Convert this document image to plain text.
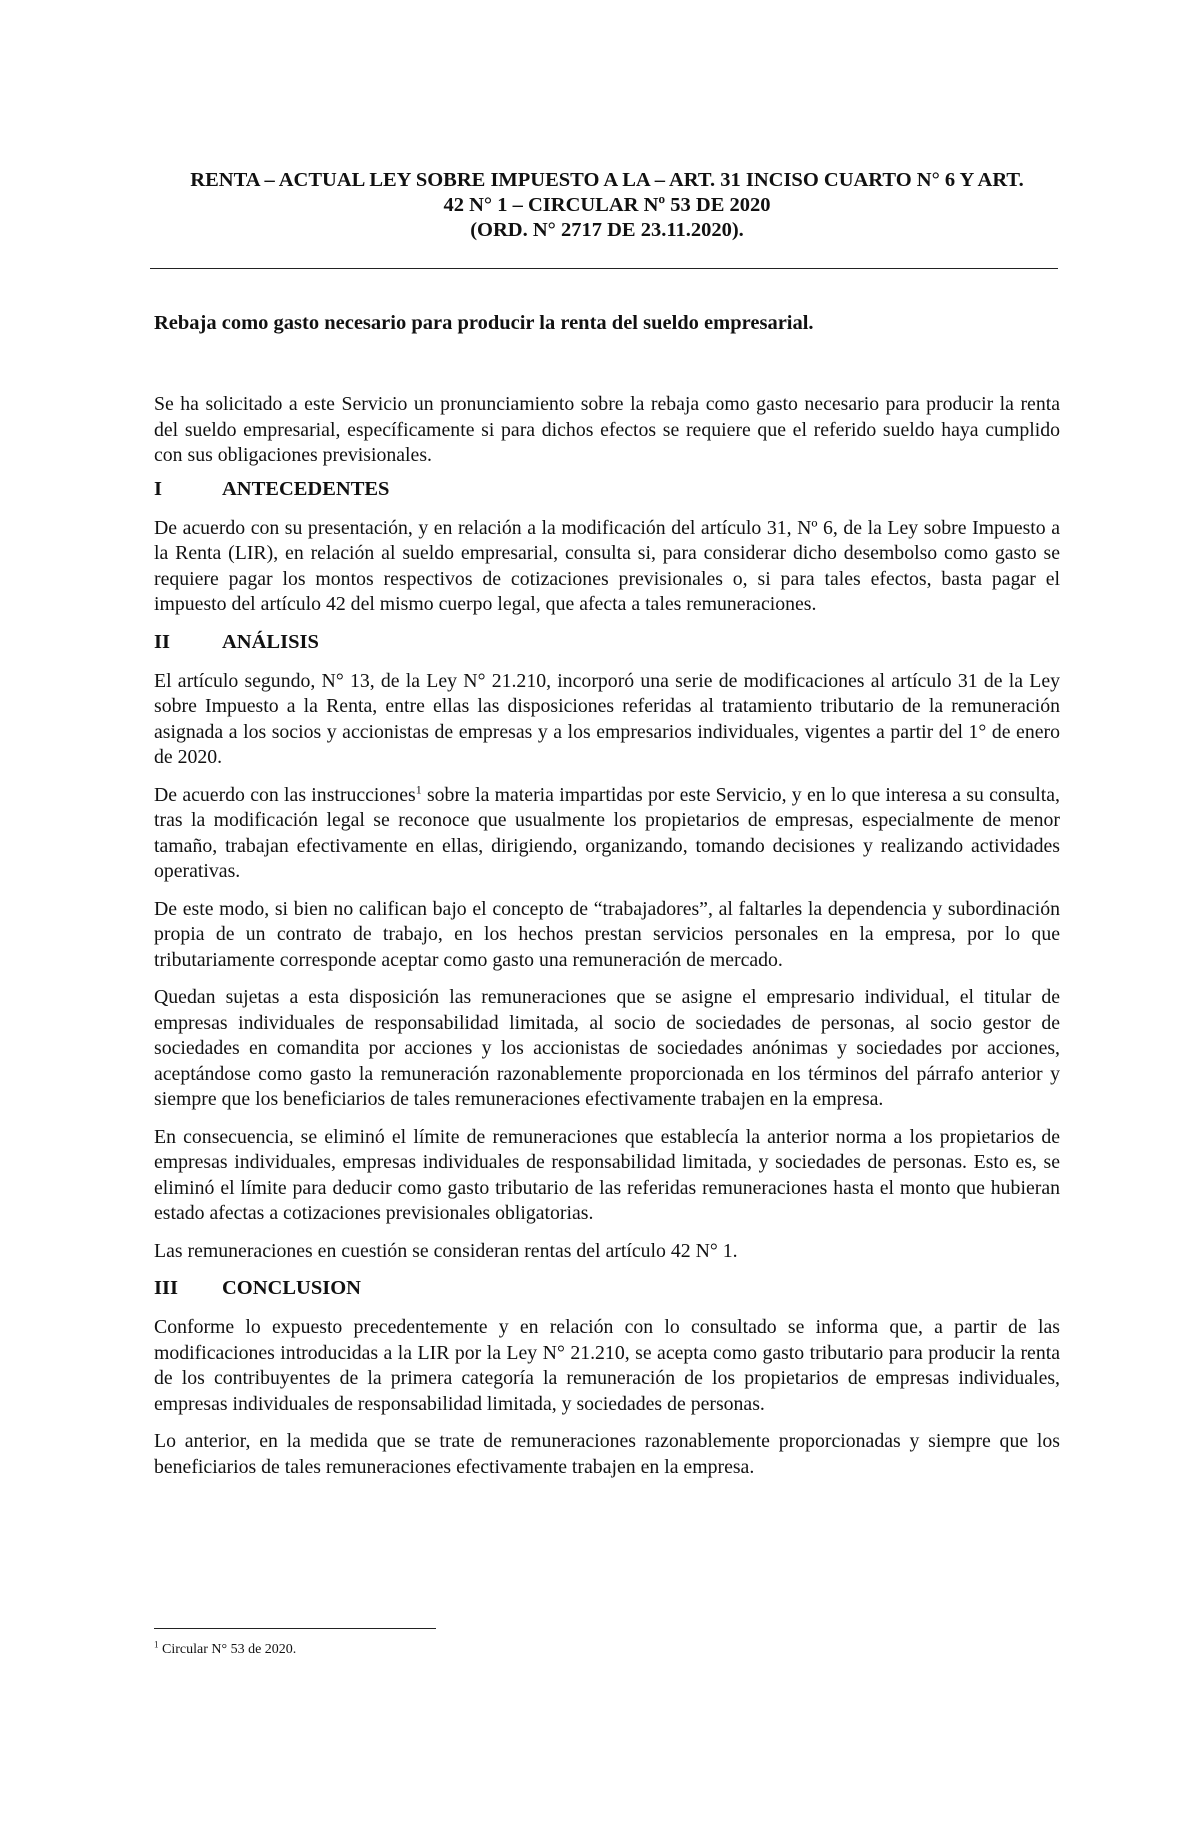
RENTA – ACTUAL LEY SOBRE IMPUESTO A LA – ART. 31 INCISO CUARTO N° 6 Y ART.
42 N° 1 – CIRCULAR Nº 53 DE 2020
(ORD. N° 2717 DE 23.11.2020).
Rebaja como gasto necesario para producir la renta del sueldo empresarial.

Se ha solicitado a este Servicio un pronunciamiento sobre la rebaja como gasto necesario para producir la renta del sueldo empresarial, específicamente si para dichos efectos se requiere que el referido sueldo haya cumplido con sus obligaciones previsionales.

I	ANTECEDENTES

De acuerdo con su presentación, y en relación a la modificación del artículo 31, Nº 6, de la Ley sobre Impuesto a la Renta (LIR), en relación al sueldo empresarial, consulta si, para considerar dicho desembolso como gasto se requiere pagar los montos respectivos de cotizaciones previsionales o, si para tales efectos, basta pagar el impuesto del artículo 42 del mismo cuerpo legal, que afecta a tales remuneraciones.

II	ANÁLISIS

El artículo segundo, N° 13, de la Ley N° 21.210, incorporó una serie de modificaciones al artículo 31 de la Ley sobre Impuesto a la Renta, entre ellas las disposiciones referidas al tratamiento tributario de la remuneración asignada a los socios y accionistas de empresas y a los empresarios individuales, vigentes a partir del 1° de enero de 2020.

De acuerdo con las instrucciones$^1$ sobre la materia impartidas por este Servicio, y en lo que interesa a su consulta, tras la modificación legal se reconoce que usualmente los propietarios de empresas, especialmente de menor tamaño, trabajan efectivamente en ellas, dirigiendo, organizando, tomando decisiones y realizando actividades operativas.

De este modo, si bien no califican bajo el concepto de “trabajadores”, al faltarles la dependencia y subordinación propia de un contrato de trabajo, en los hechos prestan servicios personales en la empresa, por lo que tributariamente corresponde aceptar como gasto una remuneración de mercado.

Quedan sujetas a esta disposición las remuneraciones que se asigne el empresario individual, el titular de empresas individuales de responsabilidad limitada, al socio de sociedades de personas, al socio gestor de sociedades en comandita por acciones y los accionistas de sociedades anónimas y sociedades por acciones, aceptándose como gasto la remuneración razonablemente proporcionada en los términos del párrafo anterior y siempre que los beneficiarios de tales remuneraciones efectivamente trabajen en la empresa.

En consecuencia, se eliminó el límite de remuneraciones que establecía la anterior norma a los propietarios de empresas individuales, empresas individuales de responsabilidad limitada, y sociedades de personas. Esto es, se eliminó el límite para deducir como gasto tributario de las referidas remuneraciones hasta el monto que hubieran estado afectas a cotizaciones previsionales obligatorias.

Las remuneraciones en cuestión se consideran rentas del artículo 42 N° 1.

III	CONCLUSION

Conforme lo expuesto precedentemente y en relación con lo consultado se informa que, a partir de las modificaciones introducidas a la LIR por la Ley N° 21.210, se acepta como gasto tributario para producir la renta de los contribuyentes de la primera categoría la remuneración de los propietarios de empresas individuales, empresas individuales de responsabilidad limitada, y sociedades de personas.

Lo anterior, en la medida que se trate de remuneraciones razonablemente proporcionadas y siempre que los beneficiarios de tales remuneraciones efectivamente trabajen en la empresa.

$^1$ Circular N° 53 de 2020.
